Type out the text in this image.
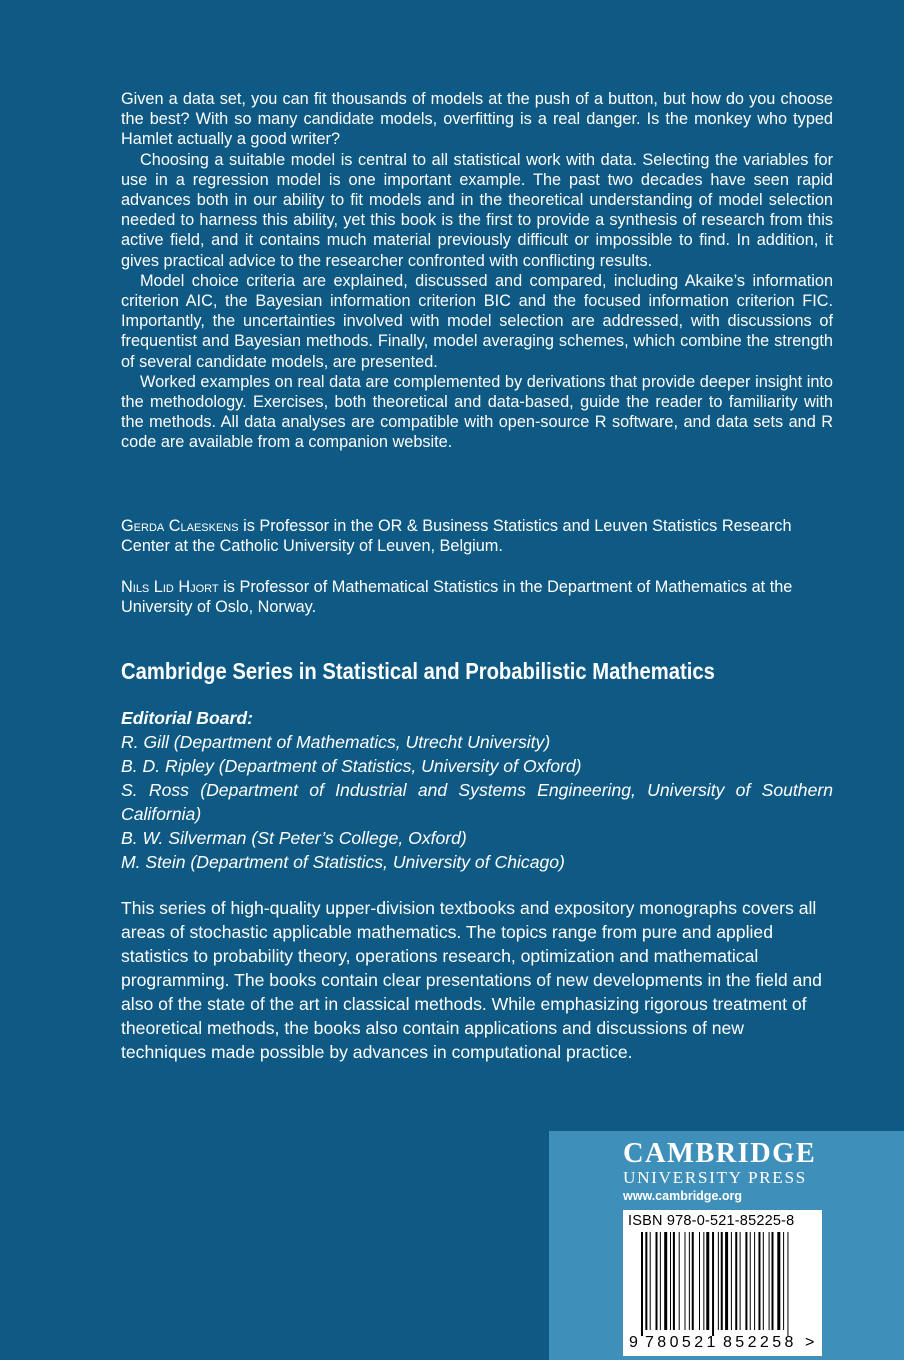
Given a data set, you can fit thousands of models at the push of a button, but how do you choose the best? With so many candidate models, overfitting is a real danger. Is the monkey who typed Hamlet actually a good writer?

Choosing a suitable model is central to all statistical work with data. Selecting the variables for use in a regression model is one important example. The past two decades have seen rapid advances both in our ability to fit models and in the theoretical understanding of model selection needed to harness this ability, yet this book is the first to provide a synthesis of research from this active field, and it contains much material previously difficult or impossible to find. In addition, it gives practical advice to the researcher confronted with conflicting results.

Model choice criteria are explained, discussed and compared, including Akaike’s information criterion AIC, the Bayesian information criterion BIC and the focused information criterion FIC. Importantly, the uncertainties involved with model selection are addressed, with discussions of frequentist and Bayesian methods. Finally, model averaging schemes, which combine the strength of several candidate models, are presented.

Worked examples on real data are complemented by derivations that provide deeper insight into the methodology. Exercises, both theoretical and data-based, guide the reader to familiarity with the methods. All data analyses are compatible with open-source R software, and data sets and R code are available from a companion website.

Gerda Claeskens is Professor in the OR & Business Statistics and Leuven Statistics Research Center at the Catholic University of Leuven, Belgium.

Nils Lid Hjort is Professor of Mathematical Statistics in the Department of Mathematics at the University of Oslo, Norway.

Cambridge Series in Statistical and Probabilistic Mathematics
Editorial Board:
R. Gill (Department of Mathematics, Utrecht University)
B. D. Ripley (Department of Statistics, University of Oxford)
S. Ross (Department of Industrial and Systems Engineering, University of Southern California)
B. W. Silverman (St Peter’s College, Oxford)
M. Stein (Department of Statistics, University of Chicago)

This series of high-quality upper-division textbooks and expository monographs covers all areas of stochastic applicable mathematics. The topics range from pure and applied statistics to probability theory, operations research, optimization and mathematical programming. The books contain clear presentations of new developments in the field and also of the state of the art in classical methods. While emphasizing rigorous treatment of theoretical methods, the books also contain applications and discussions of new techniques made possible by advances in computational practice.

CAMBRIDGE
UNIVERSITY PRESS
www.cambridge.org
ISBN 978-0-521-85225-8
9 780521 852258 >
